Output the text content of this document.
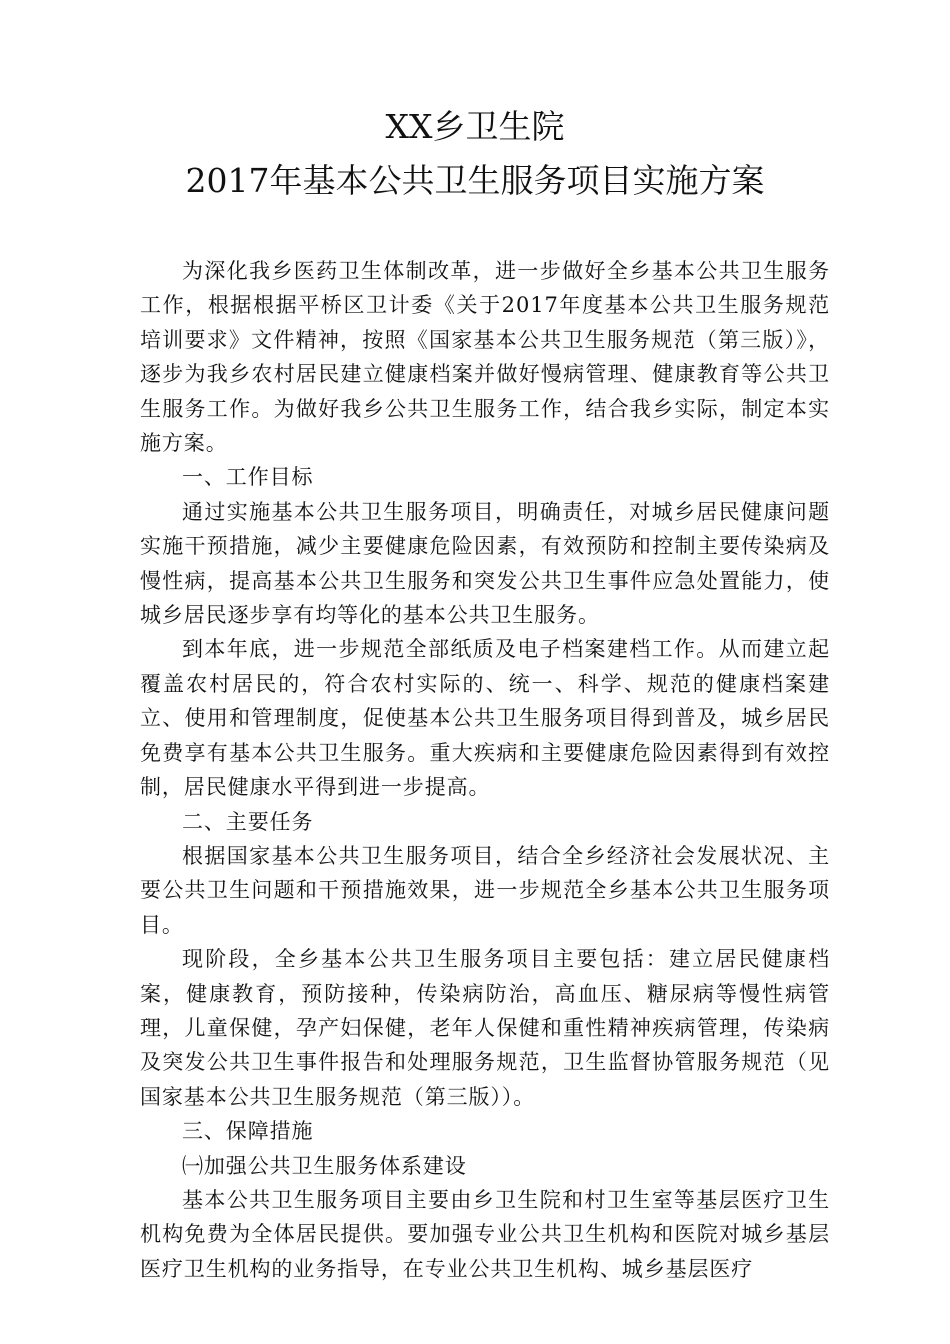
XX乡卫生院
2017年基本公共卫生服务项目实施方案

为深化我乡医药卫生体制改革，进一步做好全乡基本公共卫生服务工作，根据根据平桥区卫计委《关于2017年度基本公共卫生服务规范培训要求》文件精神，按照《国家基本公共卫生服务规范（第三版）》，逐步为我乡农村居民建立健康档案并做好慢病管理、健康教育等公共卫生服务工作。为做好我乡公共卫生服务工作，结合我乡实际，制定本实施方案。

一、工作目标

通过实施基本公共卫生服务项目，明确责任，对城乡居民健康问题实施干预措施，减少主要健康危险因素，有效预防和控制主要传染病及慢性病，提高基本公共卫生服务和突发公共卫生事件应急处置能力，使城乡居民逐步享有均等化的基本公共卫生服务。

到本年底，进一步规范全部纸质及电子档案建档工作。从而建立起覆盖农村居民的，符合农村实际的、统一、科学、规范的健康档案建立、使用和管理制度，促使基本公共卫生服务项目得到普及，城乡居民免费享有基本公共卫生服务。重大疾病和主要健康危险因素得到有效控制，居民健康水平得到进一步提高。

二、主要任务

根据国家基本公共卫生服务项目，结合全乡经济社会发展状况、主要公共卫生问题和干预措施效果，进一步规范全乡基本公共卫生服务项目。

现阶段，全乡基本公共卫生服务项目主要包括：建立居民健康档案，健康教育，预防接种，传染病防治，高血压、糖尿病等慢性病管理，儿童保健，孕产妇保健，老年人保健和重性精神疾病管理，传染病及突发公共卫生事件报告和处理服务规范，卫生监督协管服务规范（见国家基本公共卫生服务规范（第三版））。

三、保障措施

㈠加强公共卫生服务体系建设

基本公共卫生服务项目主要由乡卫生院和村卫生室等基层医疗卫生机构免费为全体居民提供。要加强专业公共卫生机构和医院对城乡基层医疗卫生机构的业务指导，在专业公共卫生机构、城乡基层医疗
